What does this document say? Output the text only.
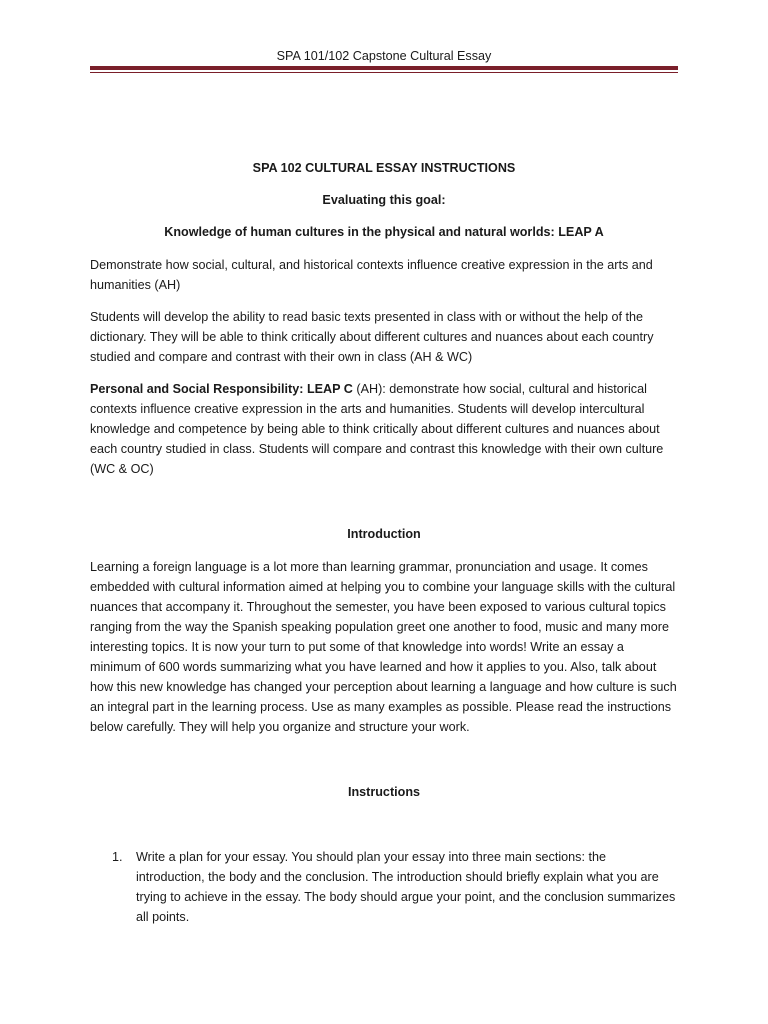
SPA 101/102 Capstone Cultural Essay
SPA 102 CULTURAL ESSAY INSTRUCTIONS
Evaluating this goal:
Knowledge of human cultures in the physical and natural worlds: LEAP A

Demonstrate how social, cultural, and historical contexts influence creative expression in the arts and humanities (AH)

Students will develop the ability to read basic texts presented in class with or without the help of the dictionary. They will be able to think critically about different cultures and nuances about each country studied and compare and contrast with their own in class (AH & WC)

Personal and Social Responsibility: LEAP C (AH): demonstrate how social, cultural and historical contexts influence creative expression in the arts and humanities. Students will develop intercultural knowledge and competence by being able to think critically about different cultures and nuances about each country studied in class. Students will compare and contrast this knowledge with their own culture (WC & OC)

Introduction

Learning a foreign language is a lot more than learning grammar, pronunciation and usage. It comes embedded with cultural information aimed at helping you to combine your language skills with the cultural nuances that accompany it. Throughout the semester, you have been exposed to various cultural topics ranging from the way the Spanish speaking population greet one another to food, music and many more interesting topics. It is now your turn to put some of that knowledge into words! Write an essay a minimum of 600 words summarizing what you have learned and how it applies to you. Also, talk about how this new knowledge has changed your perception about learning a language and how culture is such an integral part in the learning process. Use as many examples as possible. Please read the instructions below carefully. They will help you organize and structure your work.

Instructions
1. Write a plan for your essay. You should plan your essay into three main sections: the introduction, the body and the conclusion. The introduction should briefly explain what you are trying to achieve in the essay. The body should argue your point, and the conclusion summarizes all points.
